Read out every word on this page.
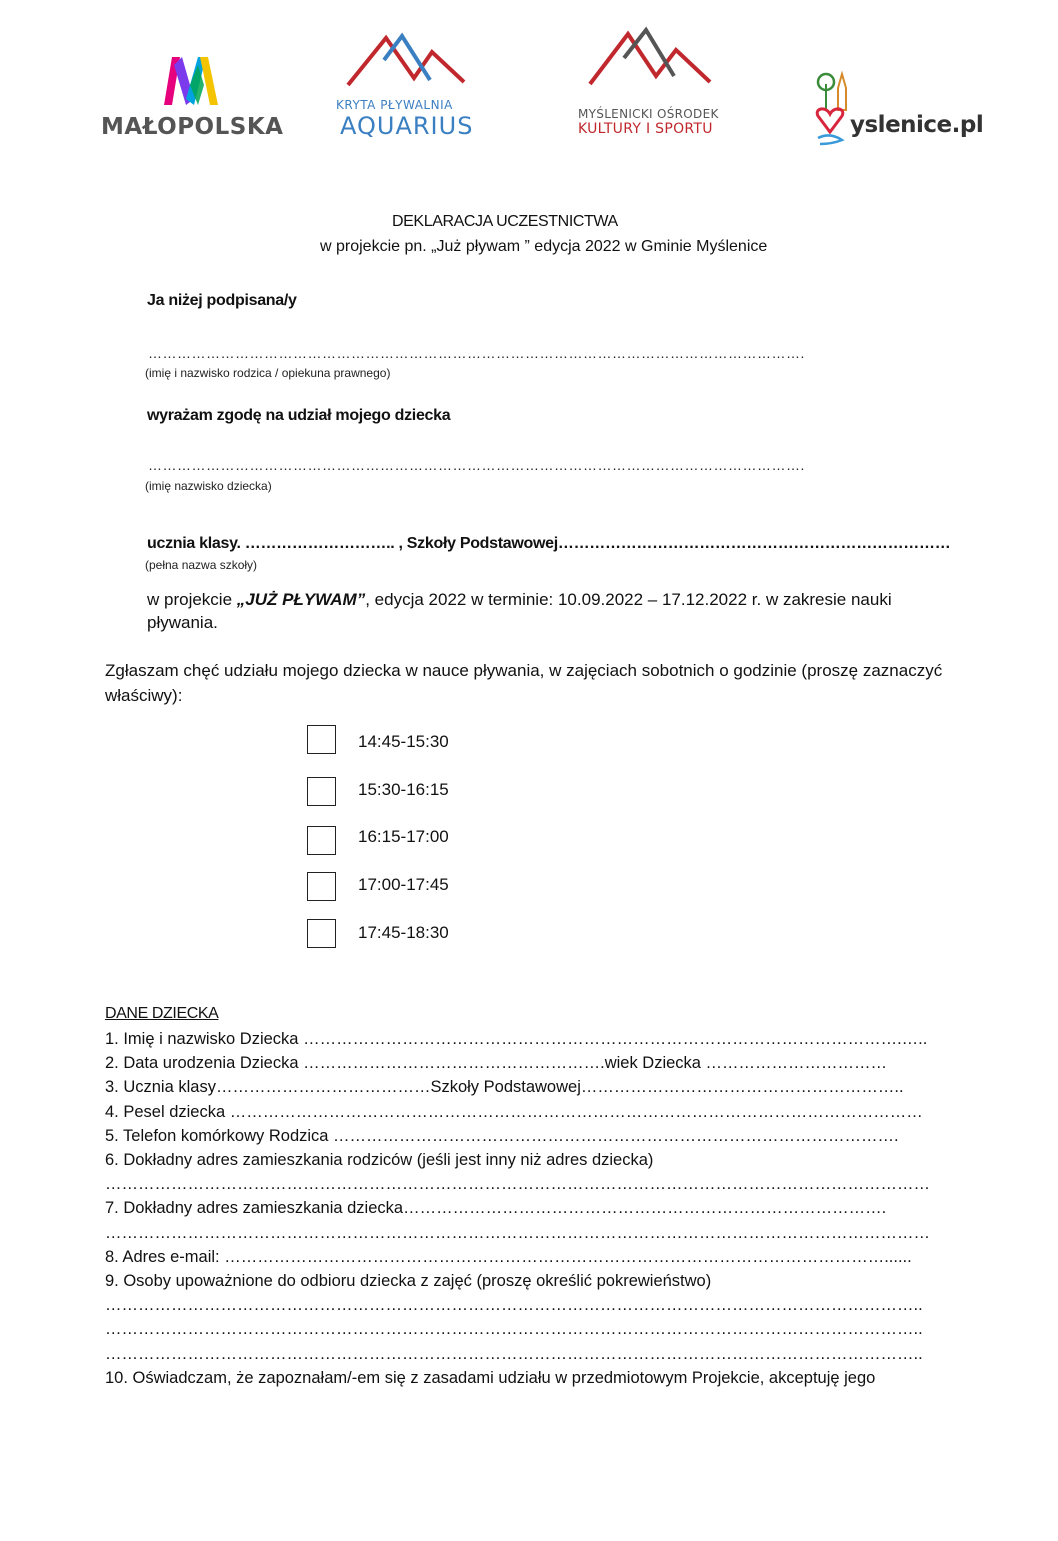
MAŁOPOLSKA
KRYTA PŁYWALNIA
AQUARIUS	MYŚLENICKI OŚRODEK
KULTURY I SPORTU	yslenice.pl
DEKLARACJA UCZESTNICTWA
w projekcie pn. „Już pływam ” edycja 2022 w Gminie Myślenice
Ja niżej podpisana/y
……………………………………………………………………………………………………………………….
(imię i nazwisko rodzica / opiekuna prawnego)
wyrażam zgodę na udział mojego dziecka
……………………………………………………………………………………………………………………….
(imię nazwisko dziecka)
ucznia klasy. ……………………….. , Szkoły Podstawowej…………………………………………………………………
(pełna nazwa szkoły)
w projekcie „JUŻ PŁYWAM”, edycja 2022 w terminie: 10.09.2022 – 17.12.2022 r. w zakresie nauki
pływania.
Zgłaszam chęć udziału mojego dziecka w nauce pływania, w zajęciach sobotnich o godzinie (proszę zaznaczyć
właściwy):
14:45-15:30
15:30-16:15
16:15-17:00
17:00-17:45
17:45-18:30
DANE DZIECKA
1. Imię i nazwisko Dziecka ……………………………………………………………………………………………….…..
2. Data urodzenia Dziecka ……………………………………………….wiek Dziecka ……………………………
3. Ucznia klasy…………………………………Szkoły Podstawowej…………………………………………………..
4. Pesel dziecka ………………………………………………………………………………………………………………
5. Telefon komórkowy Rodzica ………………………………………………………………………………………….
6. Dokładny adres zamieszkania rodziców (jeśli jest inny niż adres dziecka)
……………………………………………………………………………………………………………………………………
7. Dokładny adres zamieszkania dziecka…………………………………………………………………………….
……………………………………………………………………………………………………………………………………
8. Adres e-mail: …………………………………………………………………………………………………………......
9. Osoby upoważnione do odbioru dziecka z zajęć (proszę określić pokrewieństwo)
…………………………………………………………………………………………………………………………………..
…………………………………………………………………………………………………………………………………..
…………………………………………………………………………………………………………………………………..
10. Oświadczam, że zapoznałam/-em się z zasadami udziału w przedmiotowym Projekcie, akceptuję jego
